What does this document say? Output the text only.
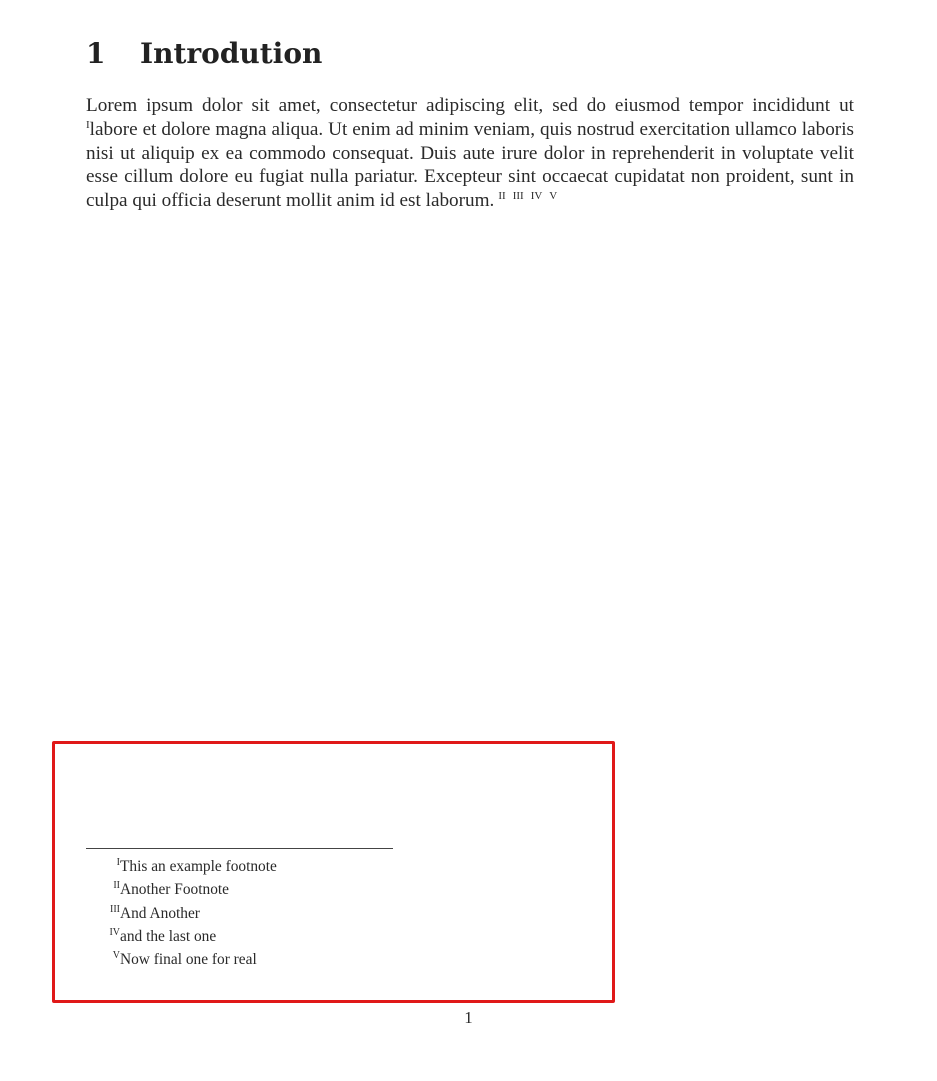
1 Introdution

Lorem ipsum dolor sit amet, consectetur adipiscing elit, sed do eiusmod tempor incididunt ut $^I$labore et dolore magna aliqua. Ut enim ad minim veniam, quis nostrud exercitation ullamco laboris nisi ut aliquip ex ea commodo consequat. Duis aute irure dolor in reprehenderit in voluptate velit esse cillum dolore eu fugiat nulla pariatur. Excepteur sint occaecat cupidatat non proident, sunt in culpa qui officia deserunt mollit anim id est laborum. $^{II}$ $^{III}$ $^{IV}$ $^V$

I This an example footnote
II Another Footnote
III And Another
IV and the last one
V Now final one for real
1
